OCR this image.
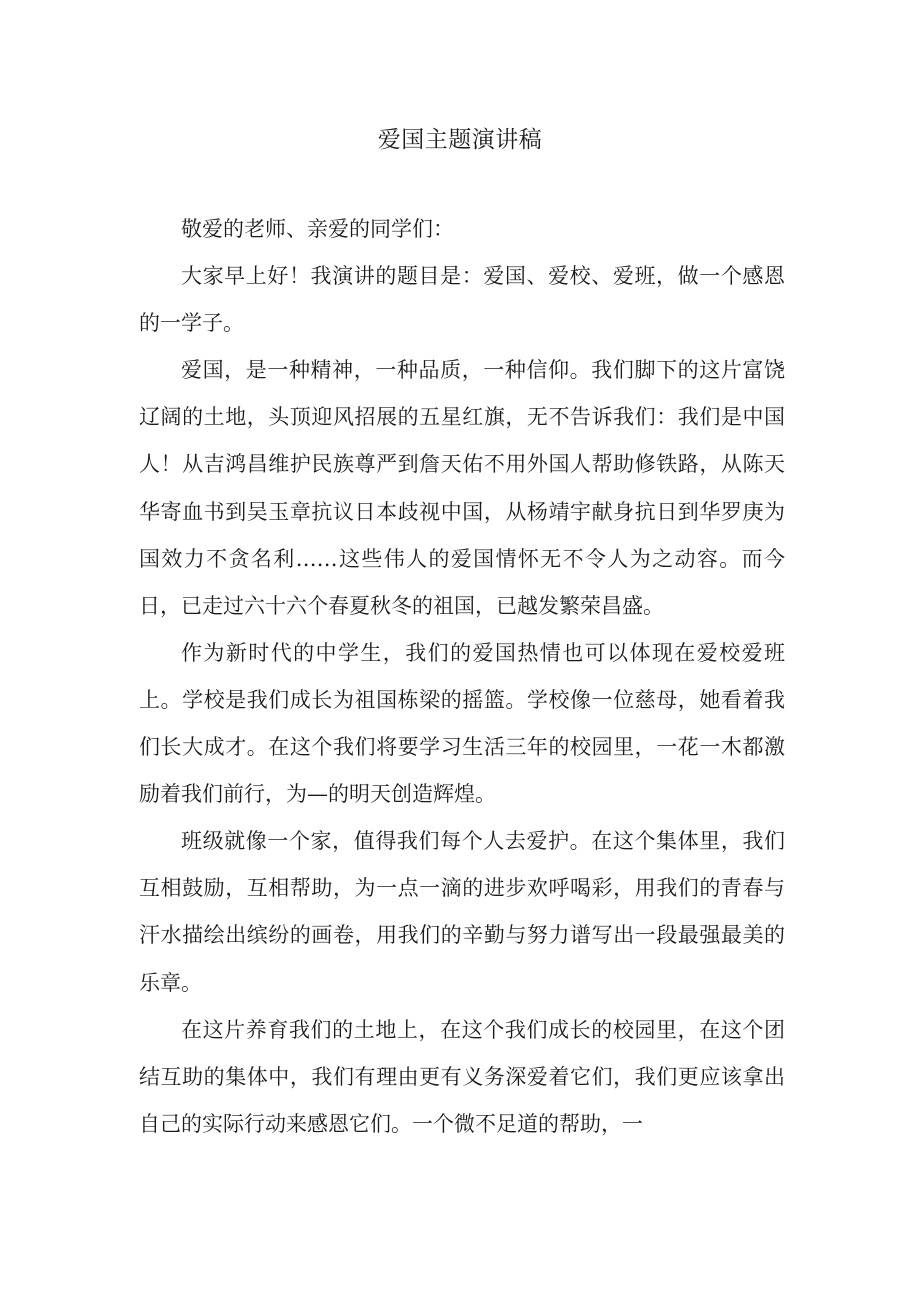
爱国主题演讲稿

敬爱的老师、亲爱的同学们：

大家早上好！我演讲的题目是：爱国、爱校、爱班，做一个感恩的一学子。

爱国，是一种精神，一种品质，一种信仰。我们脚下的这片富饶辽阔的土地，头顶迎风招展的五星红旗，无不告诉我们：我们是中国人！从吉鸿昌维护民族尊严到詹天佑不用外国人帮助修铁路，从陈天华寄血书到吴玉章抗议日本歧视中国，从杨靖宇献身抗日到华罗庚为国效力不贪名利……这些伟人的爱国情怀无不令人为之动容。而今日，已走过六十六个春夏秋冬的祖国，已越发繁荣昌盛。

作为新时代的中学生，我们的爱国热情也可以体现在爱校爱班上。学校是我们成长为祖国栋梁的摇篮。学校像一位慈母，她看着我们长大成才。在这个我们将要学习生活三年的校园里，一花一木都激励着我们前行，为—的明天创造辉煌。

班级就像一个家，值得我们每个人去爱护。在这个集体里，我们互相鼓励，互相帮助，为一点一滴的进步欢呼喝彩，用我们的青春与汗水描绘出缤纷的画卷，用我们的辛勤与努力谱写出一段最强最美的乐章。

在这片养育我们的土地上，在这个我们成长的校园里，在这个团结互助的集体中，我们有理由更有义务深爱着它们，我们更应该拿出自己的实际行动来感恩它们。一个微不足道的帮助，一
